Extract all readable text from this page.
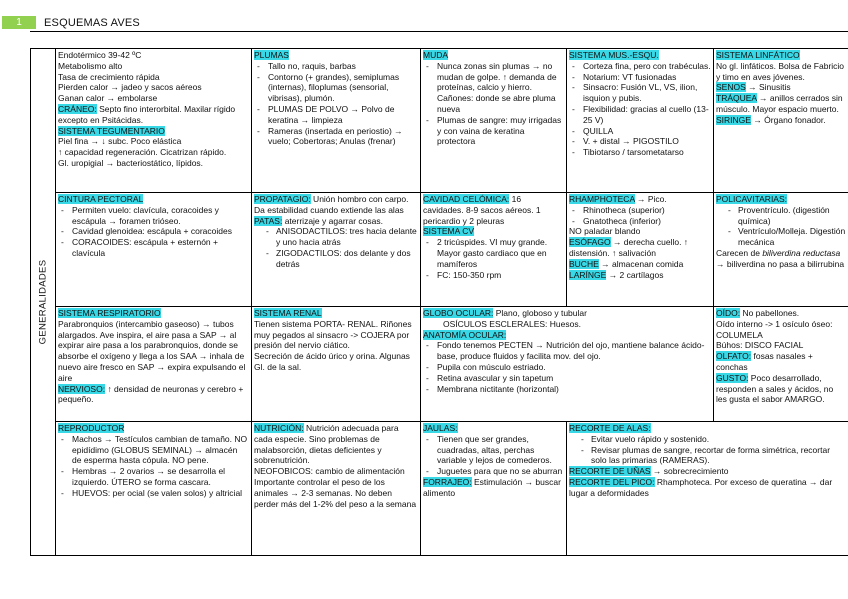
1	ESQUEMAS AVES
GENERALIDADES

Endotérmico 39-42 ºC

Metabolismo alto

Tasa de crecimiento rápida

Pierden calor → jadeo y sacos aéreos

Ganan calor → embolarse

CRÁNEO: Septo fino interorbital. Maxilar rígido excepto en Psitácidas.

SISTEMA TEGUMENTARIO

Piel fina → ↓ subc. Poco elástica

↑ capacidad regeneración. Cicatrizan rápido.

Gl. uropigial → bacteriostático, lípidos.

PLUMAS

- Tallo no, raquis, barbas
- Contorno (+ grandes), semiplumas (internas), filoplumas (sensorial, vibrisas), plumón.
- PLUMAS DE POLVO → Polvo de keratina → limpieza
- Rameras (insertada en periostio) → vuelo; Cobertoras; Anulas (frenar)

MUDA

- Nunca zonas sin plumas → no mudan de golpe. ↑ demanda de proteínas, calcio y hierro. Cañones: donde se abre pluma nueva
- Plumas de sangre: muy irrigadas y con vaina de keratina protectora

SISTEMA MUS.-ESQU.

- Corteza fina, pero con trabéculas.
- Notarium: VT fusionadas
- Sinsacro: Fusión VL, VS, ilion, isquion y pubis.
- Flexibilidad: gracias al cuello (13-25 V)
- QUILLA
- V. + distal → PIGOSTILO
- Tibiotarso / tarsometatarso

SISTEMA LINFÁTICO

No gl. linfáticos. Bolsa de Fabricio y timo en aves jóvenes.

SENOS → Sinusitis

TRÁQUEA → anillos cerrados sin músculo. Mayor espacio muerto.

SIRINGE → Órgano fonador.

CINTURA PECTORAL

- Permiten vuelo: clavícula, coracoides y escápula → foramen trióseo.
- Cavidad glenoidea: escápula + coracoides
- CORACOIDES: escápula + esternón + clavícula

PROPATAGIO: Unión hombro con carpo. Da estabilidad cuando extiende las alas

PATAS: aterrizaje y agarrar cosas.

- ANISODACTILOS: tres hacia delante y uno hacia atrás
- ZIGODACTILOS: dos delante y dos detrás

CAVIDAD CELÓMICA: 16 cavidades. 8-9 sacos aéreos. 1 pericardio y 2 pleuras

SISTEMA CV

- 2 tricúspides. VI muy grande. Mayor gasto cardiaco que en mamíferos
- FC: 150-350 rpm

RHAMPHOTECA → Pico.

- Rhinotheca (superior)
- Gnatotheca (inferior)

NO paladar blando

ESÓFAGO → derecha cuello. ↑ distensión. ↑ salivación

BUCHE → almacenan comida

LARÍNGE → 2 cartílagos

POLICAVITARIAS:

- Proventrículo. (digestión química)
- Ventrículo/Molleja. Digestión mecánica

Carecen de biliverdina reductasa → biliverdina no pasa a bilirrubina

SISTEMA RESPIRATORIO

Parabronquios (intercambio gaseoso) → tubos alargados. Ave inspira, el aire pasa a SAP → al expirar aire pasa a los parabronquios, donde se absorbe el oxígeno y llega a los SAA → inhala de nuevo aire fresco en SAP → expira expulsando el aire

NERVIOSO: ↑ densidad de neuronas y cerebro + pequeño.

SISTEMA RENAL

Tienen sistema PORTA- RENAL. Riñones muy pegados al sinsacro -> COJERA por presión del nervio ciático.

Secreción de ácido úrico y orina. Algunas Gl. de la sal.

GLOBO OCULAR: Plano, globoso y tubular

OSÍCULOS ESCLERALES: Huesos.

ANATOMÍA OCULAR:

- Fondo tenemos PECTEN → Nutrición del ojo, mantiene balance ácido-base, produce fluidos y facilita mov. del ojo.
- Pupila con músculo estriado.
- Retina avascular y sin tapetum
- Membrana nictitante (horizontal)

OÍDO: No pabellones.

Oído interno -> 1 osículo óseo: COLUMELA

Búhos: DISCO FACIAL

OLFATO: fosas nasales + conchas

GUSTO: Poco desarrollado, responden a sales y ácidos, no les gusta el sabor AMARGO.

REPRODUCTOR

- Machos → Testículos cambian de tamaño. NO epidídimo (GLOBUS SEMINAL) → almacén de esperma hasta cópula. NO pene.
- Hembras → 2 ovarios → se desarrolla el izquierdo. ÚTERO se forma cascara.
- HUEVOS: per ocial (se valen solos) y altricial

NUTRICIÓN: Nutrición adecuada para cada especie. Sino problemas de malabsorción, dietas deficientes y sobrenutrición.

NEOFOBICOS: cambio de alimentación

Importante controlar el peso de los animales → 2-3 semanas. No deben perder más del 1-2% del peso a la semana

JAULAS:

- Tienen que ser grandes, cuadradas, altas, perchas variable y lejos de comederos.
- Juguetes para que no se aburran

FORRAJEO: Estimulación → buscar alimento

RECORTE DE ALAS:

- Evitar vuelo rápido y sostenido.
- Revisar plumas de sangre, recortar de forma simétrica, recortar solo las primarias (RAMERAS).

RECORTE DE UÑAS → sobrecrecimiento

RECORTE DEL PICO: Rhamphoteca. Por exceso de queratina → dar lugar a deformidades
